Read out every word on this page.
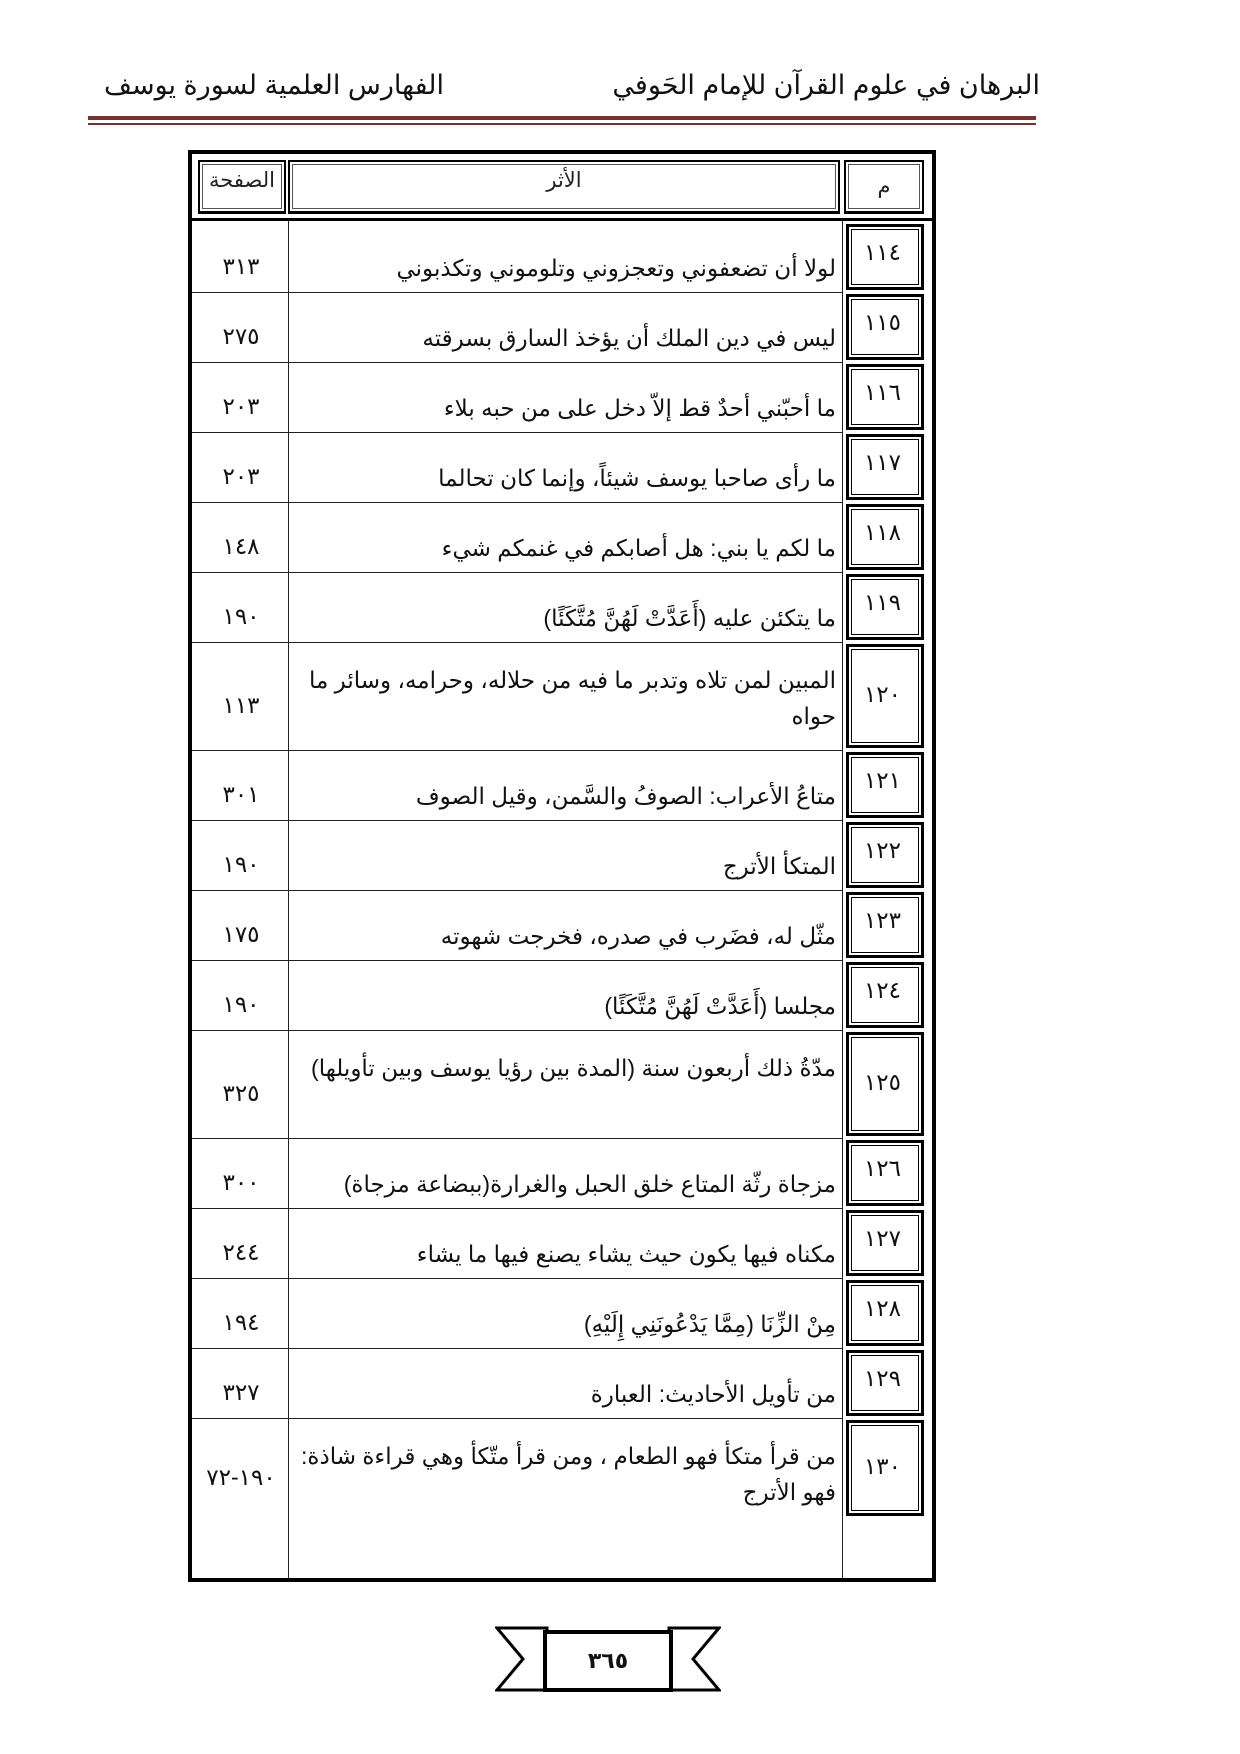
البرهان في علوم القرآن للإمام الحَوفي
الفهارس العلمية لسورة يوسف
م
الأثر
الصفحة
١١٤
لولا أن تضعفوني وتعجزوني وتلوموني وتكذبوني
٣١٣
١١٥
ليس في دين الملك أن يؤخذ السارق بسرقته
٢٧٥
١١٦
ما أحبّني أحدٌ قط إلاّ دخل على من حبه بلاء
٢٠٣
١١٧
ما رأى صاحبا يوسف شيئاً، وإنما كان تحالما
٢٠٣
١١٨
ما لكم يا بني: هل أصابكم في غنمكم شيء
١٤٨
١١٩
ما يتكئن عليه (أَعَدَّتْ لَهُنَّ مُتَّكَئًا)
١٩٠
١٢٠
المبين لمن تلاه وتدبر ما فيه من حلاله، وحرامه، وسائر ما حواه
١١٣
١٢١
متاعُ الأعراب: الصوفُ والسَّمن، وقيل الصوف
٣٠١
١٢٢
المتكأ الأترج
١٩٠
١٢٣
مثّل له، فضَرب في صدره، فخرجت شهوته
١٧٥
١٢٤
مجلسا (أَعَدَّتْ لَهُنَّ مُتَّكَئًا)
١٩٠
١٢٥
مدّةُ ذلك أربعون سنة (المدة بين رؤيا يوسف وبين تأويلها)
٣٢٥
١٢٦
مزجاة رثّة المتاع خلق الحبل والغرارة(ببضاعة مزجاة)
٣٠٠
١٢٧
مكناه فيها يكون حيث يشاء يصنع فيها ما يشاء
٢٤٤
١٢٨
مِنْ الزِّنَا (مِمَّا يَدْعُونَنِي إِلَيْهِ)
١٩٤
١٢٩
من تأويل الأحاديث: العبارة
٣٢٧
١٣٠
من قرأ متكأ فهو الطعام ، ومن قرأ متّكأ وهي قراءة شاذة: فهو الأترج
١٩٠-٧٢
٣٦٥
